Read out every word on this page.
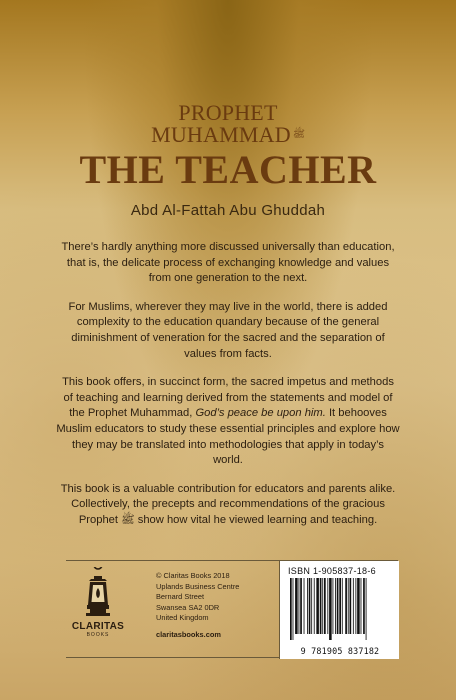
PROPHET
MUHAMMAD $^ﷺ$
THE TEACHER
Abd Al-Fattah Abu Ghuddah

There’s hardly anything more discussed universally than education, that is, the delicate process of exchanging knowledge and values from one generation to the next.

For Muslims, wherever they may live in the world, there is added complexity to the education quandary because of the general diminishment of veneration for the sacred and the separation of values from facts.

This book offers, in succinct form, the sacred impetus and methods of teaching and learning derived from the statements and model of the Prophet Muhammad, God’s peace be upon him. It behooves Muslim educators to study these essential principles and explore how they may be translated into methodologies that apply in today’s world.

This book is a valuable contribution for educators and parents alike. Collectively, the precepts and recommendations of the gracious Prophet ﷺ show how vital he viewed learning and teaching.

CLARITAS
BOOKS
© Claritas Books 2018
Uplands Business Centre
Bernard Street
Swansea SA2 0DR
United Kingdom
claritasbooks.com
ISBN 1-905837-18-6
9 781905 837182
